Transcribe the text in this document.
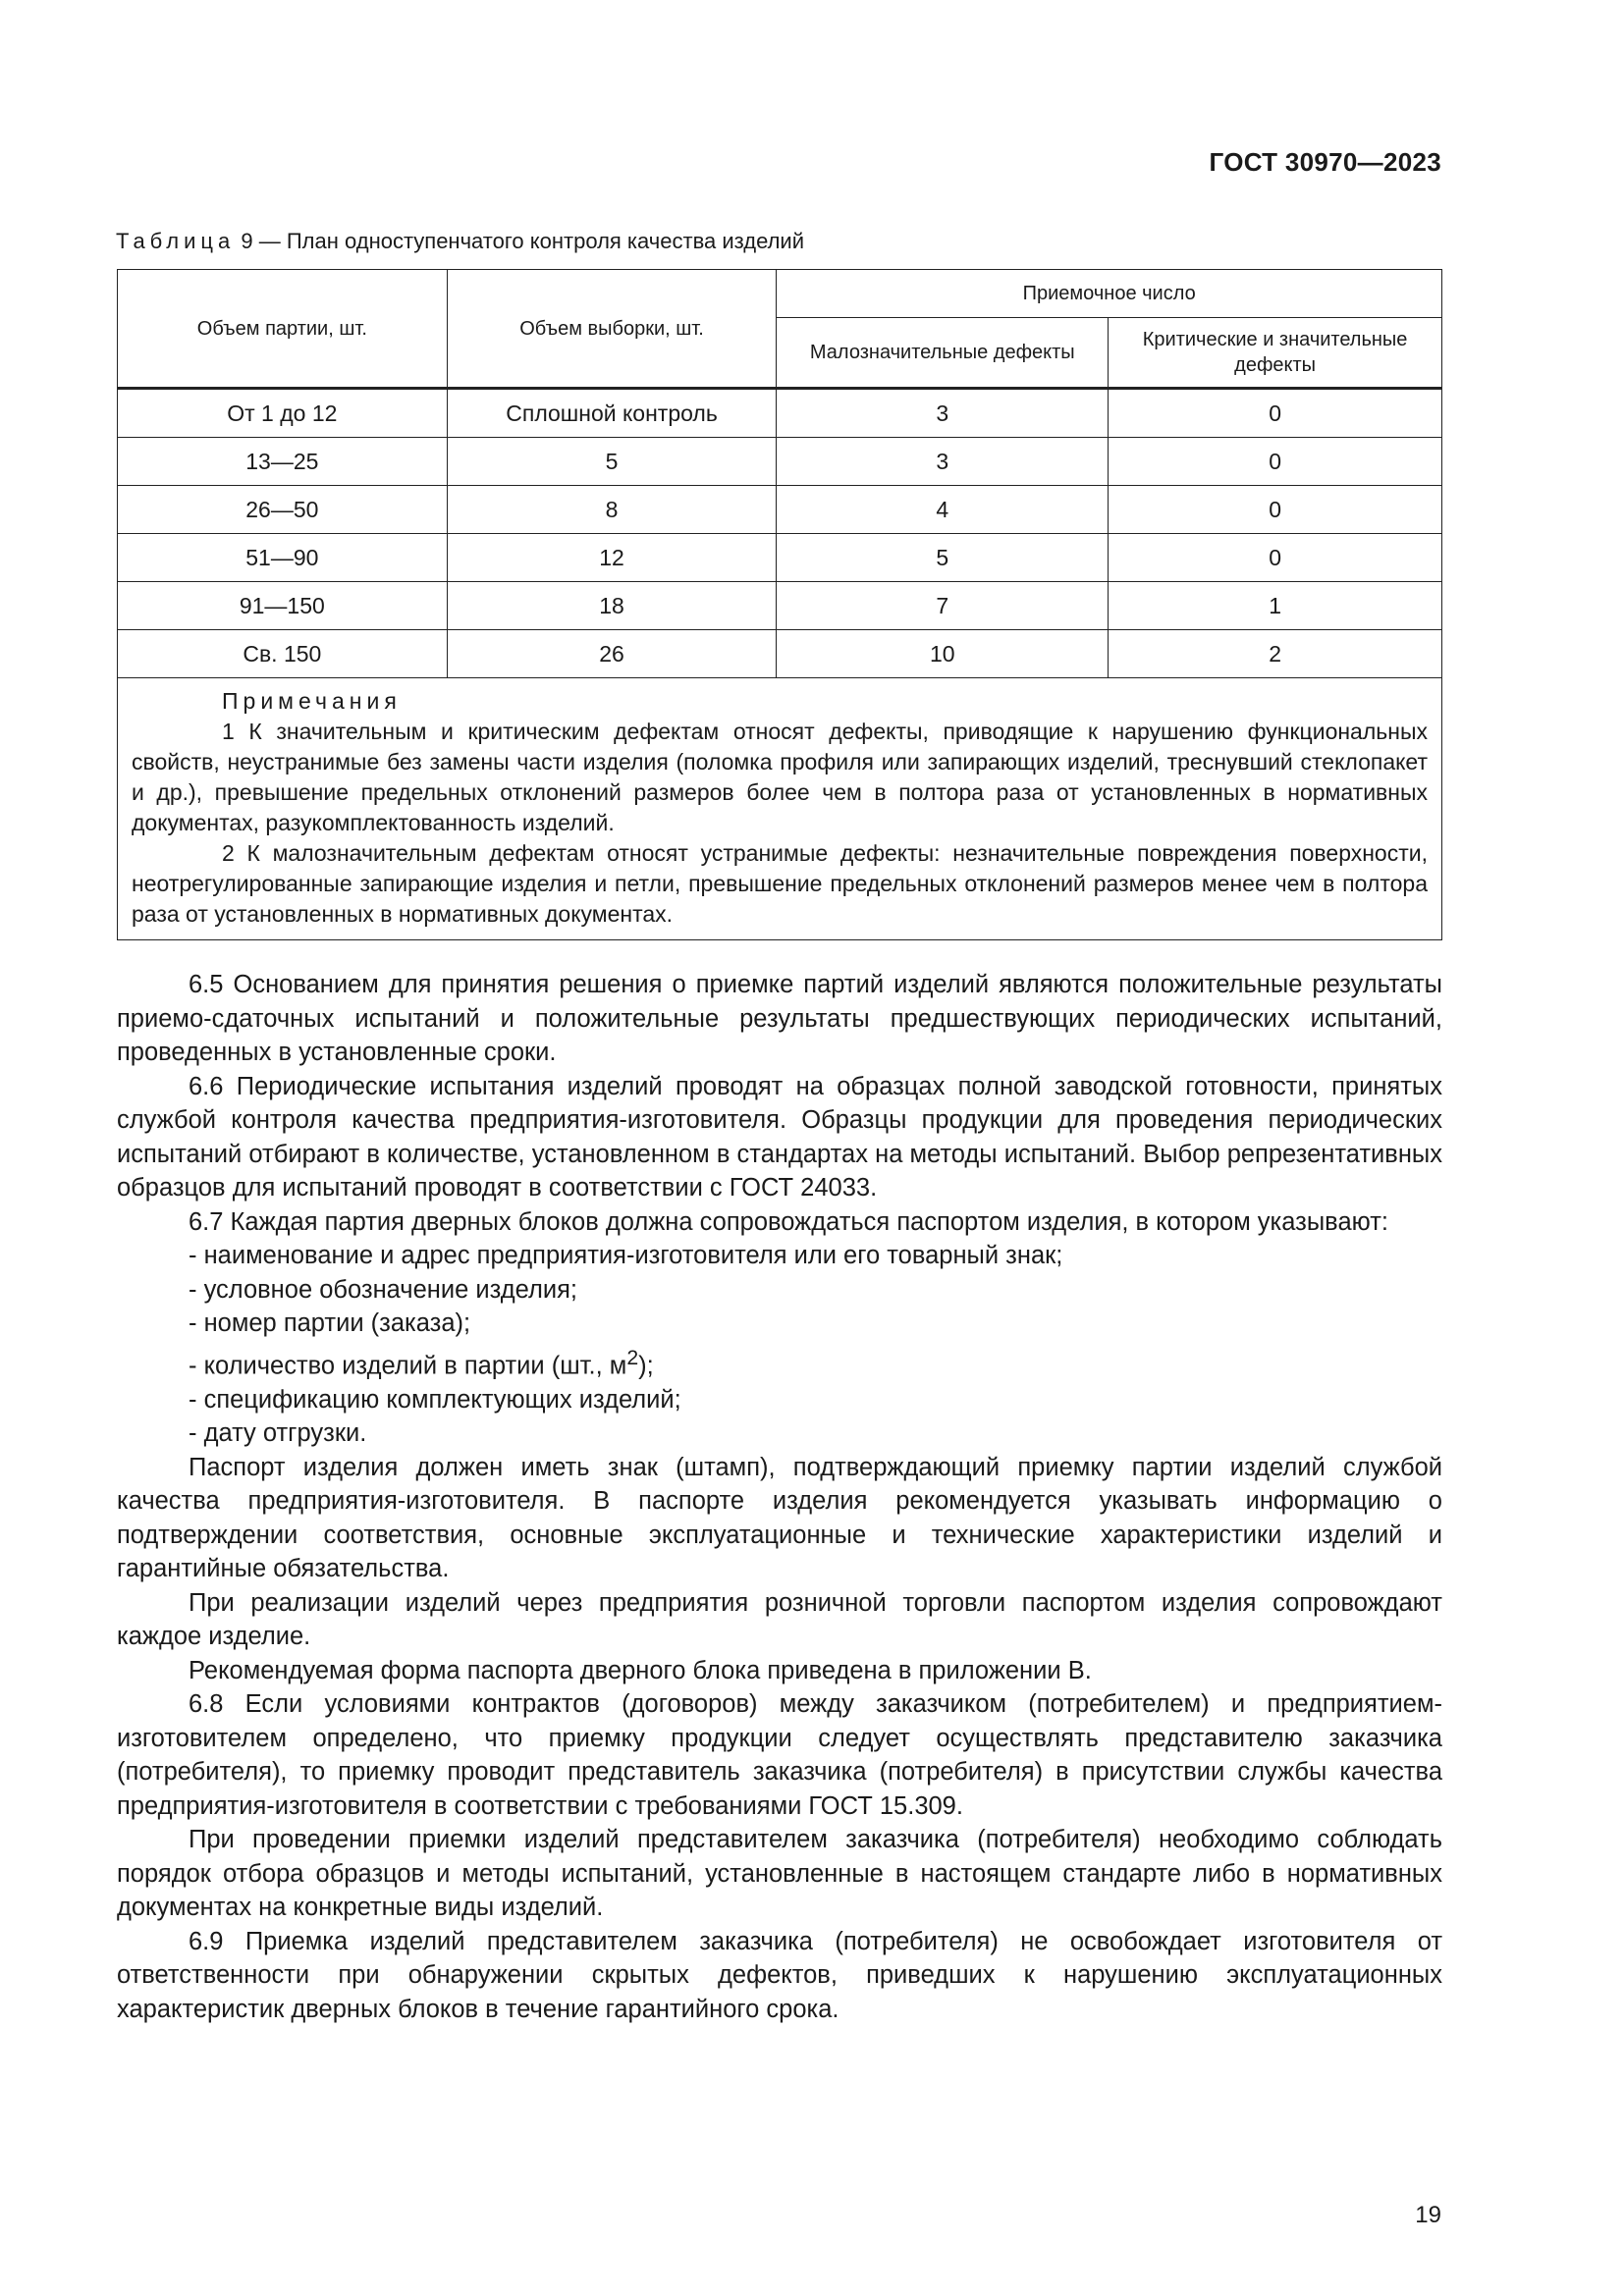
ГОСТ 30970—2023
Таблица 9 — План одноступенчатого контроля качества изделий
Объем партии, шт.	Объем выборки, шт.	Приемочное число	
		Малозначительные дефекты	Критические и значительные дефекты
От 1 до 12	Сплошной контроль	3	0
13—25	5	3	0
26—50	8	4	0
51—90	12	5	0
91—150	18	7	1
Св. 150	26	10	2

Примечания
1 К значительным и критическим дефектам относят дефекты, приводящие к нарушению функциональных свойств, неустранимые без замены части изделия (поломка профиля или запирающих изделий, треснувший стеклопакет и др.), превышение предельных отклонений размеров более чем в полтора раза от установленных в нормативных документах, разукомплектованность изделий.
2 К малозначительным дефектам относят устранимые дефекты: незначительные повреждения поверхности, неотрегулированные запирающие изделия и петли, превышение предельных отклонений размеров менее чем в полтора раза от установленных в нормативных документах.			

6.5 Основанием для принятия решения о приемке партий изделий являются положительные результаты приемо-сдаточных испытаний и положительные результаты предшествующих периодических испытаний, проведенных в установленные сроки.

6.6 Периодические испытания изделий проводят на образцах полной заводской готовности, принятых службой контроля качества предприятия-изготовителя. Образцы продукции для проведения периодических испытаний отбирают в количестве, установленном в стандартах на методы испытаний. Выбор репрезентативных образцов для испытаний проводят в соответствии с ГОСТ 24033.

6.7 Каждая партия дверных блоков должна сопровождаться паспортом изделия, в котором указывают:

- наименование и адрес предприятия-изготовителя или его товарный знак;

- условное обозначение изделия;

- номер партии (заказа);

- количество изделий в партии (шт., $м^2$);

- спецификацию комплектующих изделий;

- дату отгрузки.

Паспорт изделия должен иметь знак (штамп), подтверждающий приемку партии изделий службой качества предприятия-изготовителя. В паспорте изделия рекомендуется указывать информацию о подтверждении соответствия, основные эксплуатационные и технические характеристики изделий и гарантийные обязательства.

При реализации изделий через предприятия розничной торговли паспортом изделия сопровождают каждое изделие.

Рекомендуемая форма паспорта дверного блока приведена в приложении В.

6.8 Если условиями контрактов (договоров) между заказчиком (потребителем) и предприятием-изготовителем определено, что приемку продукции следует осуществлять представителю заказчика (потребителя), то приемку проводит представитель заказчика (потребителя) в присутствии службы качества предприятия-изготовителя в соответствии с требованиями ГОСТ 15.309.

При проведении приемки изделий представителем заказчика (потребителя) необходимо соблюдать порядок отбора образцов и методы испытаний, установленные в настоящем стандарте либо в нормативных документах на конкретные виды изделий.

6.9 Приемка изделий представителем заказчика (потребителя) не освобождает изготовителя от ответственности при обнаружении скрытых дефектов, приведших к нарушению эксплуатационных характеристик дверных блоков в течение гарантийного срока.

19
